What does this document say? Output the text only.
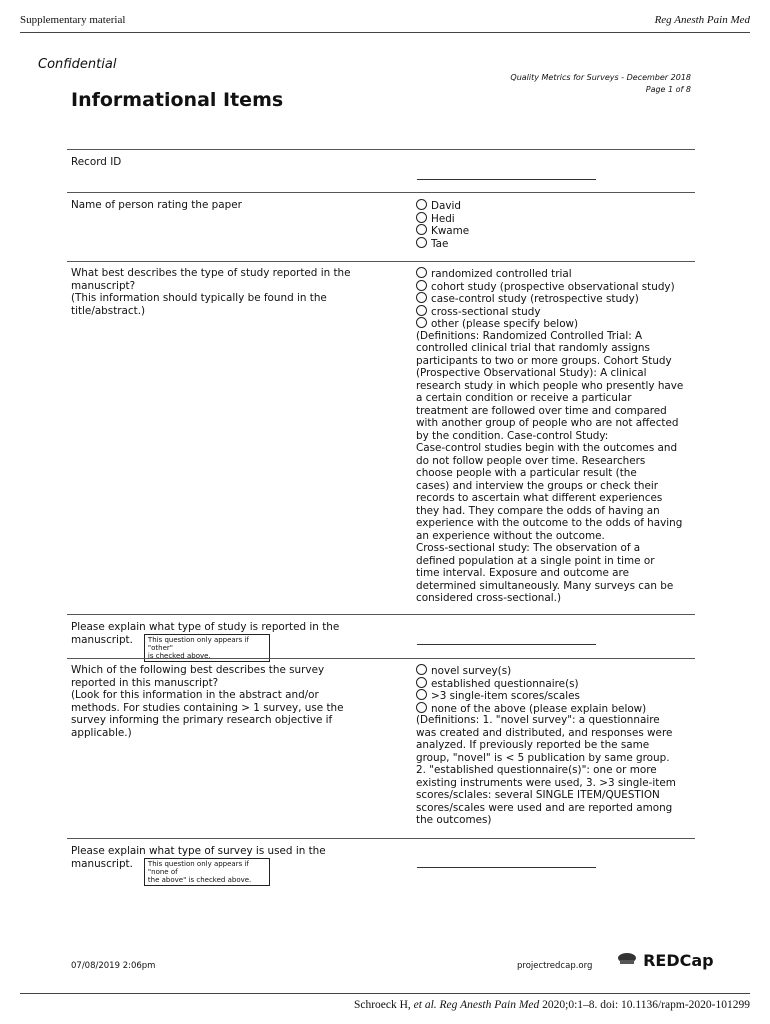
Supplementary material	Reg Anesth Pain Med
Confidential
Quality Metrics for Surveys - December 2018
Page 1 of 8
Informational Items
Record ID
Name of person rating the paper	David
Hedi
Kwame
Tae
What best describes the type of study reported in the
manuscript?
(This information should typically be found in the
title/abstract.)
randomized controlled trial
cohort study (prospective observational study)
case-control study (retrospective study)
cross-sectional study
other (please specify below)
(Definitions: Randomized Controlled Trial: A
controlled clinical trial that randomly assigns
participants to two or more groups. Cohort Study
(Prospective Observational Study): A clinical
research study in which people who presently have
a certain condition or receive a particular
treatment are followed over time and compared
with another group of people who are not affected
by the condition. Case-control Study:
Case-control studies begin with the outcomes and
do not follow people over time. Researchers
choose people with a particular result (the
cases) and interview the groups or check their
records to ascertain what different experiences
they had. They compare the odds of having an
experience with the outcome to the odds of having
an experience without the outcome.
Cross-sectional study: The observation of a
defined population at a single point in time or
time interval. Exposure and outcome are
determined simultaneously. Many surveys can be
considered cross-sectional.)
Please explain what type of study is reported in the
manuscript. This question only appears if "other"
is checked above.
Which of the following best describes the survey
reported in this manuscript?
(Look for this information in the abstract and/or
methods. For studies containing > 1 survey, use the
survey informing the primary research objective if
applicable.)
novel survey(s)
established questionnaire(s)
>3 single-item scores/scales
none of the above (please explain below)
(Definitions: 1. "novel survey": a questionnaire
was created and distributed, and responses were
analyzed. If previously reported be the same
group, "novel" is < 5 publication by same group.
2. "established questionnaire(s)": one or more
existing instruments were used, 3. >3 single-item
scores/sclales: several SINGLE ITEM/QUESTION
scores/scales were used and are reported among
the outcomes)
Please explain what type of survey is used in the
manuscript. This question only appears if "none of
the above" is checked above.
07/08/2019 2:06pm	projectredcap.org	REDCap
Schroeck H, et al. Reg Anesth Pain Med 2020;0:1–8. doi: 10.1136/rapm-2020-101299
